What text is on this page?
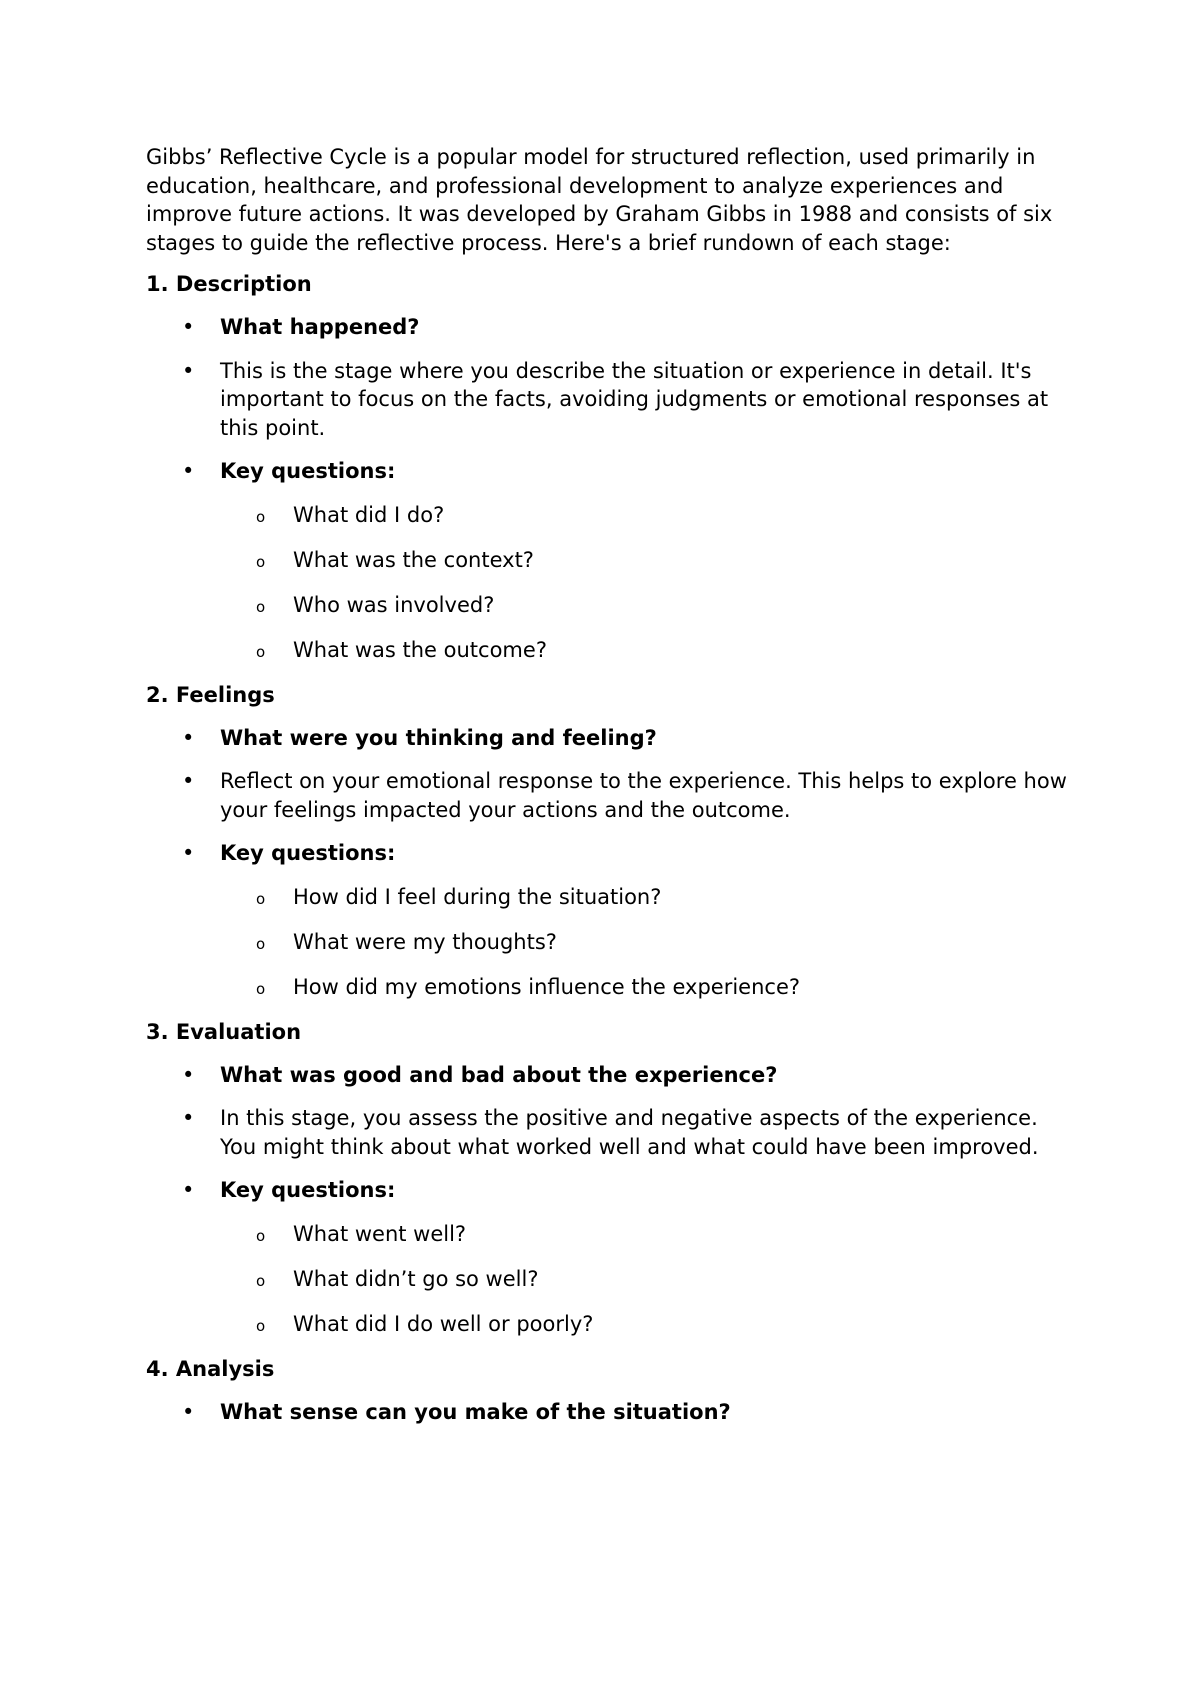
Gibbs’ Reflective Cycle is a popular model for structured reflection, used primarily in education, healthcare, and professional development to analyze experiences and improve future actions. It was developed by Graham Gibbs in 1988 and consists of six stages to guide the reflective process. Here's a brief rundown of each stage:

1. Description
• What happened?
• This is the stage where you describe the situation or experience in detail. It's important to focus on the facts, avoiding judgments or emotional responses at this point.
• Key questions:
o What did I do?
o What was the context?
o Who was involved?
o What was the outcome?
2. Feelings
• What were you thinking and feeling?
• Reflect on your emotional response to the experience. This helps to explore how your feelings impacted your actions and the outcome.
• Key questions:
o How did I feel during the situation?
o What were my thoughts?
o How did my emotions influence the experience?
3. Evaluation
• What was good and bad about the experience?
• In this stage, you assess the positive and negative aspects of the experience. You might think about what worked well and what could have been improved.
• Key questions:
o What went well?
o What didn’t go so well?
o What did I do well or poorly?
4. Analysis
• What sense can you make of the situation?
